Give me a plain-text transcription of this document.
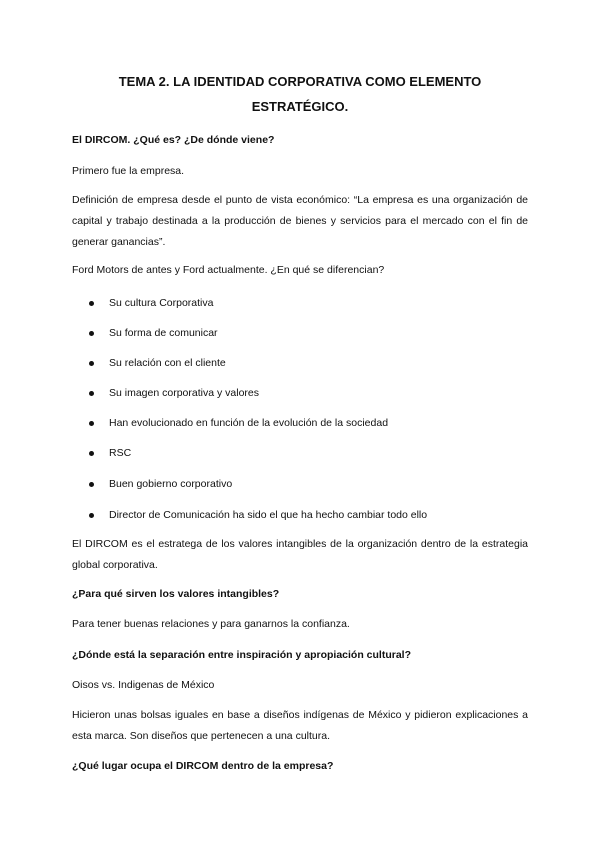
TEMA 2. LA IDENTIDAD CORPORATIVA COMO ELEMENTO
ESTRATÉGICO.

El DIRCOM. ¿Qué es? ¿De dónde viene?

Primero fue la empresa.

Definición de empresa desde el punto de vista económico: “La empresa es una organización de capital y trabajo destinada a la producción de bienes y servicios para el mercado con el fin de generar ganancias”.

Ford Motors de antes y Ford actualmente. ¿En qué se diferencian?

Su cultura Corporativa
Su forma de comunicar
Su relación con el cliente
Su imagen corporativa y valores
Han evolucionado en función de la evolución de la sociedad
RSC
Buen gobierno corporativo
Director de Comunicación ha sido el que ha hecho cambiar todo ello

El DIRCOM es el estratega de los valores intangibles de la organización dentro de la estrategia global corporativa.

¿Para qué sirven los valores intangibles?

Para tener buenas relaciones y para ganarnos la confianza.

¿Dónde está la separación entre inspiración y apropiación cultural?

Oisos vs. Indigenas de México

Hicieron unas bolsas iguales en base a diseños indígenas de México y pidieron explicaciones a esta marca. Son diseños que pertenecen a una cultura.

¿Qué lugar ocupa el DIRCOM dentro de la empresa?
